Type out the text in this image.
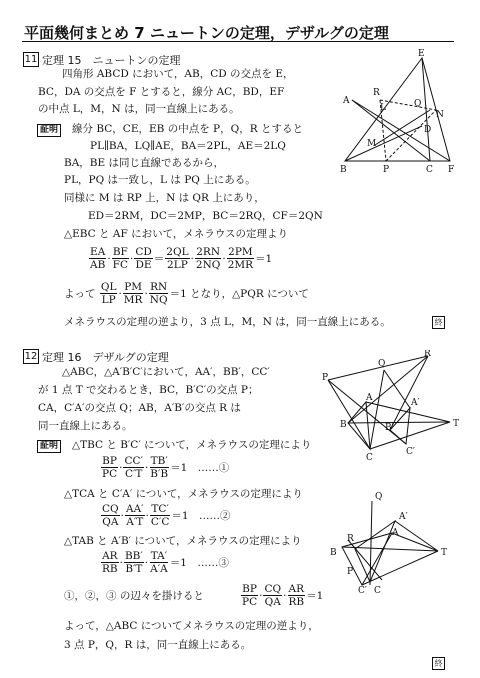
平面幾何まとめ 7 ニュートンの定理，デザルグの定理
11 定理 15　ニュートンの定理
四角形 ABCD において，AB，CD の交点を E，
BC，DA の交点を F とすると，線分 AC，BD，EF
の中点 L，M，N は，同一直線上にある。
証明 線分 BC，CE，EB の中点を P，Q，R とすると
PL∥BA，LQ∥AE，BA＝2PL，AE＝2LQ
BA，BE は同じ直線であるから，
PL，PQ は一致し，L は PQ 上にある。
同様に M は RP 上，N は QR 上にあり，
ED＝2RM，DC＝2MP，BC＝2RQ，CF＝2QN
△EBC と AF において，メネラウスの定理より
$\frac{EA}{AB} \cdot \frac{BF}{FC} \cdot \frac{CD}{DE} = \frac{2QL}{2LP} \cdot \frac{2RN}{2NQ} \cdot \frac{2PM}{2MR} =1$
よって
$\frac{QL}{LP} \cdot \frac{PM}{MR} \cdot \frac{RN}{NQ} =1$ となり，△PQR について
メネラウスの定理の逆より，3 点 L，M，N は，同一直線上にある。	終
E
R
A
L	Q
N
M
D
B	P	C F
12 定理 16　デザルグの定理
△ABC，△A′B′C′において，AA′，BB′，CC′
が 1 点 T で交わるとき，BC，B′C′の交点 P；
CA，C′A′の交点 Q；AB，A′B′の交点 R は
同一直線上にある。
証明 △TBC と B′C′ について，メネラウスの定理により
$\frac{BP}{PC} \cdot \frac{CC'}{C'T} \cdot \frac{TB'}{B'B} =1$　……①
△TCA と C′A′ について，メネラウスの定理により
$\frac{CQ}{QA} \cdot \frac{AA'}{A'T} \cdot \frac{TC'}{C'C} =1$　……②
△TAB と A′B′ について，メネラウスの定理により
$\frac{AR}{RB} \cdot \frac{BB'}{B'T} \cdot \frac{TA'}{A'A} =1$　……③
①，②，③ の辺々を掛けると	$\frac{BP}{PC} \cdot \frac{CQ}{QA} \cdot \frac{AR}{RB} =1$
よって，△ABC についてメネラウスの定理の逆より，
3 点 P，Q，R は，同一直線上にある。
終
P
Q
R
A	A′
B	B′
C
C′
T
Q
A′
A
R
B	T
P
C′ C
